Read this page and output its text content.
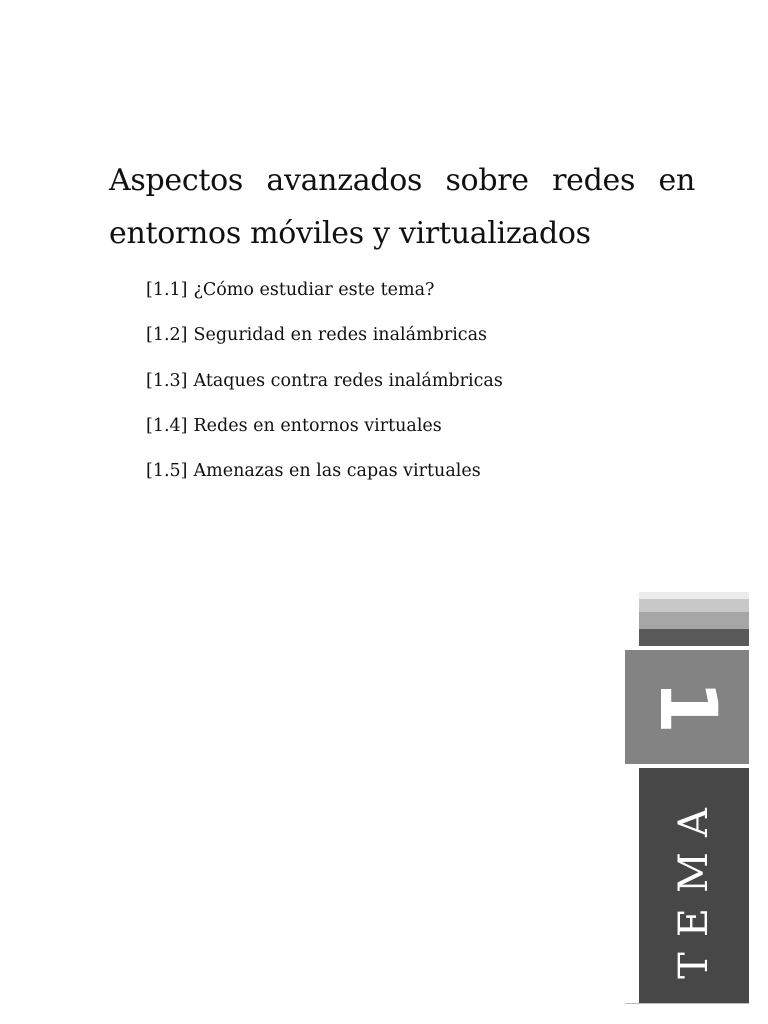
Aspectos avanzados sobre redes en entornos móviles y virtualizados
[1.1] ¿Cómo estudiar este tema?
[1.2] Seguridad en redes inalámbricas
[1.3] Ataques contra redes inalámbricas
[1.4] Redes en entornos virtuales
[1.5] Amenazas en las capas virtuales
1
TEMA
